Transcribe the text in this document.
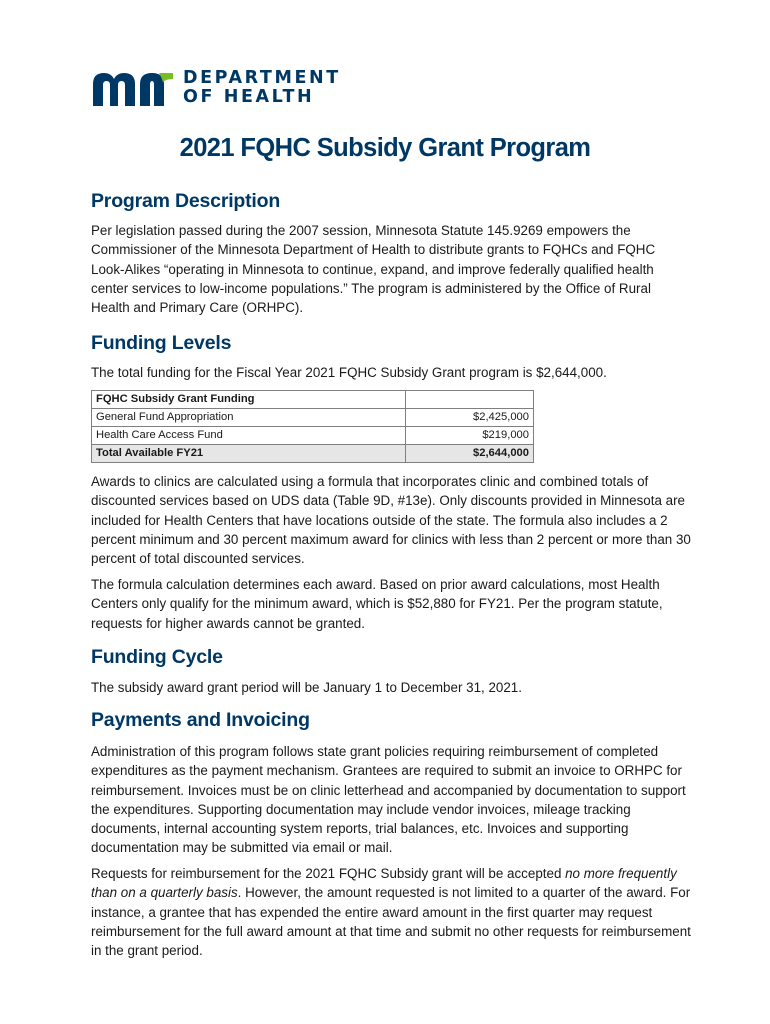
DEPARTMENT
OF HEALTH
2021 FQHC Subsidy Grant Program
Program Description

Per legislation passed during the 2007 session, Minnesota Statute 145.9269 empowers the Commissioner of the Minnesota Department of Health to distribute grants to FQHCs and FQHC Look-Alikes “operating in Minnesota to continue, expand, and improve federally qualified health center services to low-income populations.” The program is administered by the Office of Rural Health and Primary Care (ORHPC).

Funding Levels

The total funding for the Fiscal Year 2021 FQHC Subsidy Grant program is $2,644,000.

FQHC Subsidy Grant Funding	
General Fund Appropriation	$2,425,000
Health Care Access Fund	$219,000
Total Available FY21	$2,644,000

Awards to clinics are calculated using a formula that incorporates clinic and combined totals of discounted services based on UDS data (Table 9D, #13e). Only discounts provided in Minnesota are included for Health Centers that have locations outside of the state. The formula also includes a 2 percent minimum and 30 percent maximum award for clinics with less than 2 percent or more than 30 percent of total discounted services.

The formula calculation determines each award. Based on prior award calculations, most Health Centers only qualify for the minimum award, which is $52,880 for FY21. Per the program statute, requests for higher awards cannot be granted.

Funding Cycle

The subsidy award grant period will be January 1 to December 31, 2021.

Payments and Invoicing

Administration of this program follows state grant policies requiring reimbursement of completed expenditures as the payment mechanism. Grantees are required to submit an invoice to ORHPC for reimbursement. Invoices must be on clinic letterhead and accompanied by documentation to support the expenditures. Supporting documentation may include vendor invoices, mileage tracking documents, internal accounting system reports, trial balances, etc. Invoices and supporting documentation may be submitted via email or mail.

Requests for reimbursement for the 2021 FQHC Subsidy grant will be accepted no more frequently than on a quarterly basis. However, the amount requested is not limited to a quarter of the award. For instance, a grantee that has expended the entire award amount in the first quarter may request reimbursement for the full award amount at that time and submit no other requests for reimbursement in the grant period.
